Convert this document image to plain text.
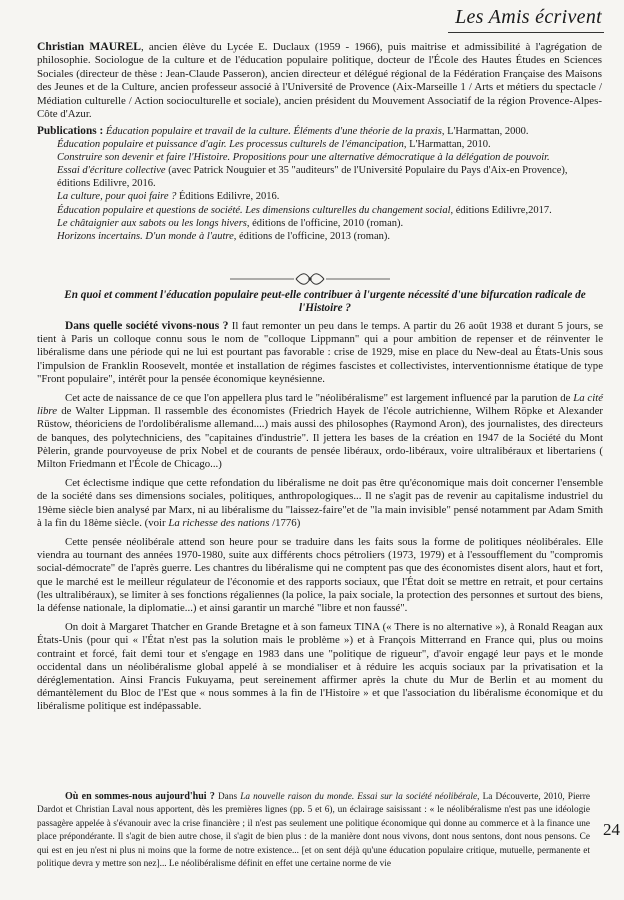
Les Amis écrivent
Christian MAUREL, ancien élève du Lycée E. Duclaux (1959 - 1966), puis maitrise et admissibilité à l'agrégation de philosophie. Sociologue de la culture et de l'éducation populaire politique, docteur de l'École des Hautes Études en Sciences Sociales (directeur de thèse : Jean-Claude Passeron), ancien directeur et délégué régional de la Fédération Française des Maisons des Jeunes et de la Culture, ancien professeur associé à l'Université de Provence (Aix-Marseille 1 / Arts et métiers du spectacle / Médiation culturelle / Action socioculturelle et sociale), ancien président du Mouvement Associatif de la région Provence-Alpes-Côte d'Azur.
Publications : Éducation populaire et travail de la culture. Éléments d'une théorie de la praxis, L'Harmattan, 2000.
Éducation populaire et puissance d'agir. Les processus culturels de l'émancipation, L'Harmattan, 2010.
Construire son devenir et faire l'Histoire. Propositions pour une alternative démocratique à la délégation de pouvoir.
Essai d'écriture collective (avec Patrick Nouguier et 35 "auditeurs" de l'Université Populaire du Pays d'Aix-en Provence), éditions Edilivre, 2016.
La culture, pour quoi faire ? Éditions Edilivre, 2016.
Éducation populaire et questions de société. Les dimensions culturelles du changement social, éditions Edilivre,2017.
Le châtaignier aux sabots ou les longs hivers, éditions de l'officine, 2010 (roman).
Horizons incertains. D'un monde à l'autre, éditions de l'officine, 2013 (roman).
En quoi et comment l'éducation populaire peut-elle contribuer à l'urgente nécessité d'une bifurcation radicale de l'Histoire ?

Dans quelle société vivons-nous ? Il faut remonter un peu dans le temps. A partir du 26 août 1938 et durant 5 jours, se tient à Paris un colloque connu sous le nom de "colloque Lippmann" qui a pour ambition de repenser et de réinventer le libéralisme dans une période qui ne lui est pourtant pas favorable : crise de 1929, mise en place du New-deal au États-Unis sous l'impulsion de Franklin Roosevelt, montée et installation de régimes fascistes et collectivistes, interventionnisme étatique de type "Front populaire", intérêt pour la pensée économique keynésienne.

Cet acte de naissance de ce que l'on appellera plus tard le "néolibéralisme" est largement influencé par la parution de La cité libre de Walter Lippman. Il rassemble des économistes (Friedrich Hayek de l'école autrichienne, Wilhem Röpke et Alexander Rüstow, théoriciens de l'ordolibéralisme allemand....) mais aussi des philosophes (Raymond Aron), des journalistes, des directeurs de banques, des polytechniciens, des "capitaines d'industrie". Il jettera les bases de la création en 1947 de la Société du Mont Pèlerin, grande pourvoyeuse de prix Nobel et de courants de pensée libéraux, ordo-libéraux, voire ultralibéraux et libertariens ( Milton Friedmann et l'École de Chicago...)

Cet éclectisme indique que cette refondation du libéralisme ne doit pas être qu'économique mais doit concerner l'ensemble de la société dans ses dimensions sociales, politiques, anthropologiques... Il ne s'agit pas de revenir au capitalisme industriel du 19ème siècle bien analysé par Marx, ni au libéralisme du "laissez-faire"et de "la main invisible" pensé notamment par Adam Smith à la fin du 18ème siècle. (voir La richesse des nations /1776)

Cette pensée néolibérale attend son heure pour se traduire dans les faits sous la forme de politiques néolibérales. Elle viendra au tournant des années 1970-1980, suite aux différents chocs pétroliers (1973, 1979) et à l'essoufflement du "compromis social-démocrate" de l'après guerre. Les chantres du libéralisme qui ne comptent pas que des économistes disent alors, haut et fort, que le marché est le meilleur régulateur de l'économie et des rapports sociaux, que l'État doit se mettre en retrait, et pour certains (les ultralibéraux), se limiter à ses fonctions régaliennes (la police, la paix sociale, la protection des personnes et surtout des biens, la défense nationale, la diplomatie...) et ainsi garantir un marché "libre et non faussé".

On doit à Margaret Thatcher en Grande Bretagne et à son fameux TINA (« There is no alternative »), à Ronald Reagan aux États-Unis (pour qui « l'État n'est pas la solution mais le problème ») et à François Mitterrand en France qui, plus ou moins contraint et forcé, fait demi tour et s'engage en 1983 dans une "politique de rigueur", d'avoir engagé leur pays et le monde occidental dans un néolibéralisme global appelé à se mondialiser et à réduire les acquis sociaux par la privatisation et la déréglementation. Ainsi Francis Fukuyama, peut sereinement affirmer après la chute du Mur de Berlin et au moment du démantèlement du Bloc de l'Est que « nous sommes à la fin de l'Histoire » et que l'association du libéralisme économique et du libéralisme politique est indépassable.

Où en sommes-nous aujourd'hui ? Dans La nouvelle raison du monde. Essai sur la société néolibérale, La Découverte, 2010, Pierre Dardot et Christian Laval nous apportent, dès les premières lignes (pp. 5 et 6), un éclairage saisissant : « le néolibéralisme n'est pas une idéologie passagère appelée à s'évanouir avec la crise financière ; il n'est pas seulement une politique économique qui donne au commerce et à la finance une place prépondérante. Il s'agit de bien autre chose, il s'agit de bien plus : de la manière dont nous vivons, dont nous sentons, dont nous pensons. Ce qui est en jeu n'est ni plus ni moins que la forme de notre existence... [et on sent déjà qu'une éducation populaire critique, mutuelle, permanente et politique devra y mettre son nez]... Le néolibéralisme définit en effet une certaine norme de vie
24
